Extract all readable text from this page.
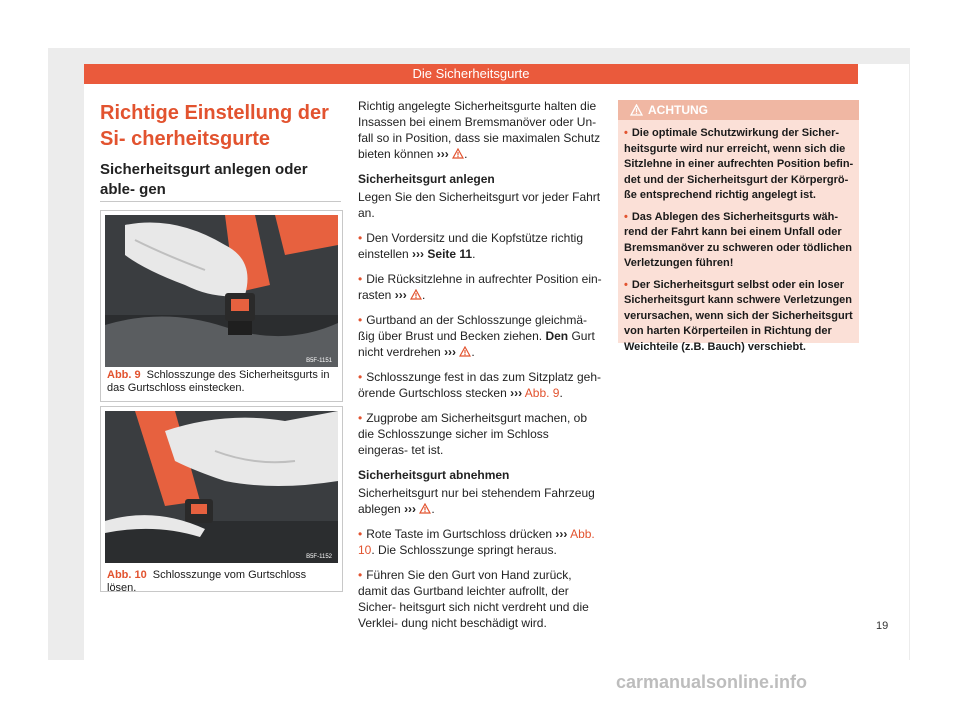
Die Sicherheitsgurte
Richtige Einstellung der Si- cherheitsgurte
Sicherheitsgurt anlegen oder able- gen
B5F-1151
Abb. 9 Schlosszunge des Sicherheitsgurts in das Gurtschloss einstecken.
B5F-1152
Abb. 10 Schlosszunge vom Gurtschloss lösen.

Richtig angelegte Sicherheitsgurte halten die Insassen bei einem Bremsmanöver oder Un- fall so in Position, dass sie maximalen Schutz bieten können ››› .

Sicherheitsgurt anlegen

Legen Sie den Sicherheitsgurt vor jeder Fahrt an.

• Den Vordersitz und die Kopfstütze richtig einstellen ››› Seite 11.

• Die Rücksitzlehne in aufrechter Position ein- rasten ››› .

• Gurtband an der Schlosszunge gleichmä- ßig über Brust und Becken ziehen. Den Gurt nicht verdrehen ››› .

• Schlosszunge fest in das zum Sitzplatz geh- örende Gurtschloss stecken ››› Abb. 9.

• Zugprobe am Sicherheitsgurt machen, ob die Schlosszunge sicher im Schloss eingeras- tet ist.

Sicherheitsgurt abnehmen

Sicherheitsgurt nur bei stehendem Fahrzeug ablegen ››› .

• Rote Taste im Gurtschloss drücken ››› Abb. 10. Die Schlosszunge springt heraus.

• Führen Sie den Gurt von Hand zurück, damit das Gurtband leichter aufrollt, der Sicher- heitsgurt sich nicht verdreht und die Verklei- dung nicht beschädigt wird.

ACHTUNG

• Die optimale Schutzwirkung der Sicher- heitsgurte wird nur erreicht, wenn sich die Sitzlehne in einer aufrechten Position befin- det und der Sicherheitsgurt der Körpergrö- ße entsprechend richtig angelegt ist.

• Das Ablegen des Sicherheitsgurts wäh- rend der Fahrt kann bei einem Unfall oder Bremsmanöver zu schweren oder tödlichen Verletzungen führen!

• Der Sicherheitsgurt selbst oder ein loser Sicherheitsgurt kann schwere Verletzungen verursachen, wenn sich der Sicherheitsgurt von harten Körperteilen in Richtung der Weichteile (z.B. Bauch) verschiebt.

19
carmanualsonline.info
